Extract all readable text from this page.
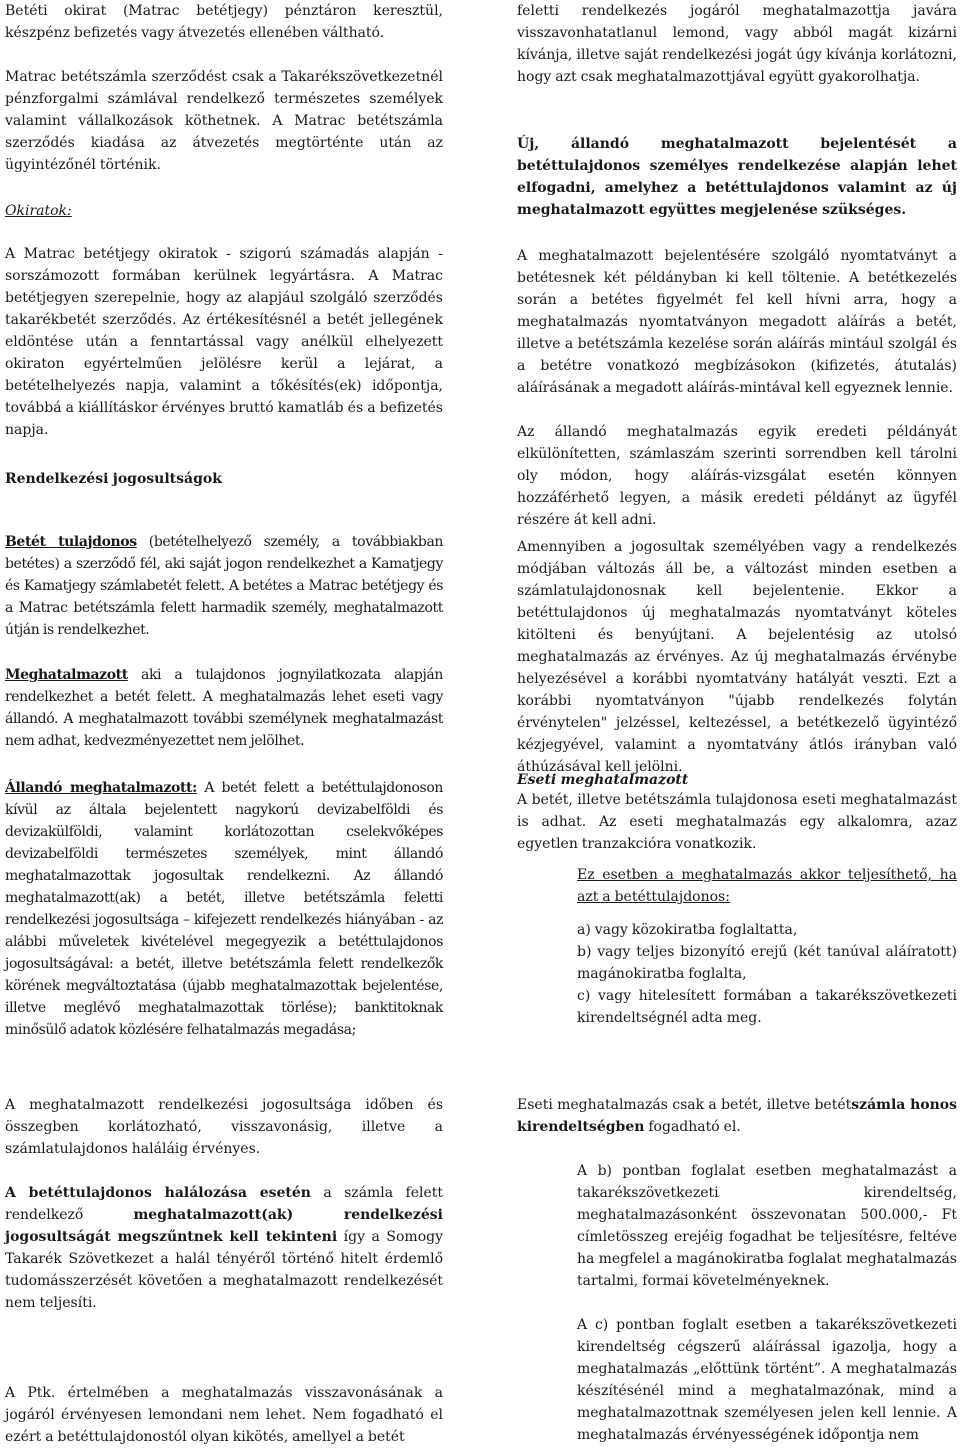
Betéti okirat (Matrac betétjegy) pénztáron keresztül, készpénz befizetés vagy átvezetés ellenében váltható.

Matrac betétszámla szerződést csak a Takarékszövetkezetnél pénzforgalmi számlával rendelkező természetes személyek valamint vállalkozások köthetnek. A Matrac betétszámla szerződés kiadása az átvezetés megtörténte után az ügyintézőnél történik.

Okiratok:

A Matrac betétjegy okiratok - szigorú számadás alapján - sorszámozott formában kerülnek legyártásra. A Matrac betétjegyen szerepelnie, hogy az alapjául szolgáló szerződés takarékbetét szerződés. Az értékesítésnél a betét jellegének eldöntése után a fenntartással vagy anélkül elhelyezett okiraton egyértelműen jelölésre kerül a lejárat, a betételhelyezés napja, valamint a tőkésítés(ek) időpontja, továbbá a kiállításkor érvényes bruttó kamatláb és a befizetés napja.

Rendelkezési jogosultságok

Betét tulajdonos (betételhelyező személy, a továbbiakban betétes) a szerződő fél, aki saját jogon rendelkezhet a Kamatjegy és Kamatjegy számlabetét felett. A betétes a Matrac betétjegy és a Matrac betétszámla felett harmadik személy, meghatalmazott útján is rendelkezhet.

Meghatalmazott aki a tulajdonos jognyilatkozata alapján rendelkezhet a betét felett. A meghatalmazás lehet eseti vagy állandó. A meghatalmazott további személynek meghatalmazást nem adhat, kedvezményezettet nem jelölhet.

Állandó meghatalmazott: A betét felett a betéttulajdonoson kívül az általa bejelentett nagykorú devizabelföldi és devizakülföldi, valamint korlátozottan cselekvőképes devizabelföldi természetes személyek, mint állandó meghatalmazottak jogosultak rendelkezni. Az állandó meghatalmazott(ak) a betét, illetve betétszámla feletti rendelkezési jogosultsága – kifejezett rendelkezés hiányában - az alábbi műveletek kivételével megegyezik a betéttulajdonos jogosultságával: a betét, illetve betétszámla felett rendelkezők körének megváltoztatása (újabb meghatalmazottak bejelentése, illetve meglévő meghatalmazottak törlése); banktitoknak minősülő adatok közlésére felhatalmazás megadása;

A meghatalmazott rendelkezési jogosultsága időben és összegben korlátozható, visszavonásig, illetve a számlatulajdonos haláláig érvényes.

A betéttulajdonos halálozása esetén a számla felett rendelkező meghatalmazott(ak) rendelkezési jogosultságát megszűntnek kell tekinteni így a Somogy Takarék Szövetkezet a halál tényéről történő hitelt érdemlő tudomásszerzését követően a meghatalmazott rendelkezését nem teljesíti.

A Ptk. értelmében a meghatalmazás visszavonásának a jogáról érvényesen lemondani nem lehet. Nem fogadható el ezért a betéttulajdonostól olyan kikötés, amellyel a betét

feletti rendelkezés jogáról meghatalmazottja javára visszavonhatatlanul lemond, vagy abból magát kizárni kívánja, illetve saját rendelkezési jogát úgy kívánja korlátozni, hogy azt csak meghatalmazottjával együtt gyakorolhatja.

Új, állandó meghatalmazott bejelentését a betéttulajdonos személyes rendelkezése alapján lehet elfogadni, amelyhez a betéttulajdonos valamint az új meghatalmazott együttes megjelenése szükséges.

A meghatalmazott bejelentésére szolgáló nyomtatványt a betétesnek két példányban ki kell töltenie. A betétkezelés során a betétes figyelmét fel kell hívni arra, hogy a meghatalmazás nyomtatványon megadott aláírás a betét, illetve a betétszámla kezelése során aláírás mintául szolgál és a betétre vonatkozó megbízásokon (kifizetés, átutalás) aláírásának a megadott aláírás-mintával kell egyeznek lennie.

Az állandó meghatalmazás egyik eredeti példányát elkülönítetten, számlaszám szerinti sorrendben kell tárolni oly módon, hogy aláírás-vizsgálat esetén könnyen hozzáférhető legyen, a másik eredeti példányt az ügyfél részére át kell adni.

Amennyiben a jogosultak személyében vagy a rendelkezés módjában változás áll be, a változást minden esetben a számlatulajdonosnak kell bejelentenie. Ekkor a betéttulajdonos új meghatalmazás nyomtatványt köteles kitölteni és benyújtani. A bejelentésig az utolsó meghatalmazás az érvényes. Az új meghatalmazás érvénybe helyezésével a korábbi nyomtatvány hatályát veszti. Ezt a korábbi nyomtatványon "újabb rendelkezés folytán érvénytelen" jelzéssel, keltezéssel, a betétkezelő ügyintéző kézjegyével, valamint a nyomtatvány átlós irányban való áthúzásával kell jelölni.

Eseti meghatalmazott

A betét, illetve betétszámla tulajdonosa eseti meghatalmazást is adhat. Az eseti meghatalmazás egy alkalomra, azaz egyetlen tranzakcióra vonatkozik.

Ez esetben a meghatalmazás akkor teljesíthető, ha azt a betéttulajdonos:

a) vagy közokiratba foglaltatta,
b) vagy teljes bizonyító erejű (két tanúval aláíratott) magánokiratba foglalta,
c) vagy hitelesített formában a takarékszövetkezeti kirendeltségnél adta meg.

Eseti meghatalmazás csak a betét, illetve betétszámla honos kirendeltségben fogadható el.

A b) pontban foglalat esetben meghatalmazást a takarékszövetkezeti kirendeltség, meghatalmazásonként összevonatan 500.000,- Ft címletösszeg erejéig fogadhat be teljesítésre, feltéve ha megfelel a magánokiratba foglalat meghatalmazás tartalmi, formai követelményeknek.

A c) pontban foglalt esetben a takarékszövetkezeti kirendeltség cégszerű aláírással igazolja, hogy a meghatalmazás „előttünk történt”. A meghatalmazás készítésénél mind a meghatalmazónak, mind a meghatalmazottnak személyesen jelen kell lennie. A meghatalmazás érvényességének időpontja nem
